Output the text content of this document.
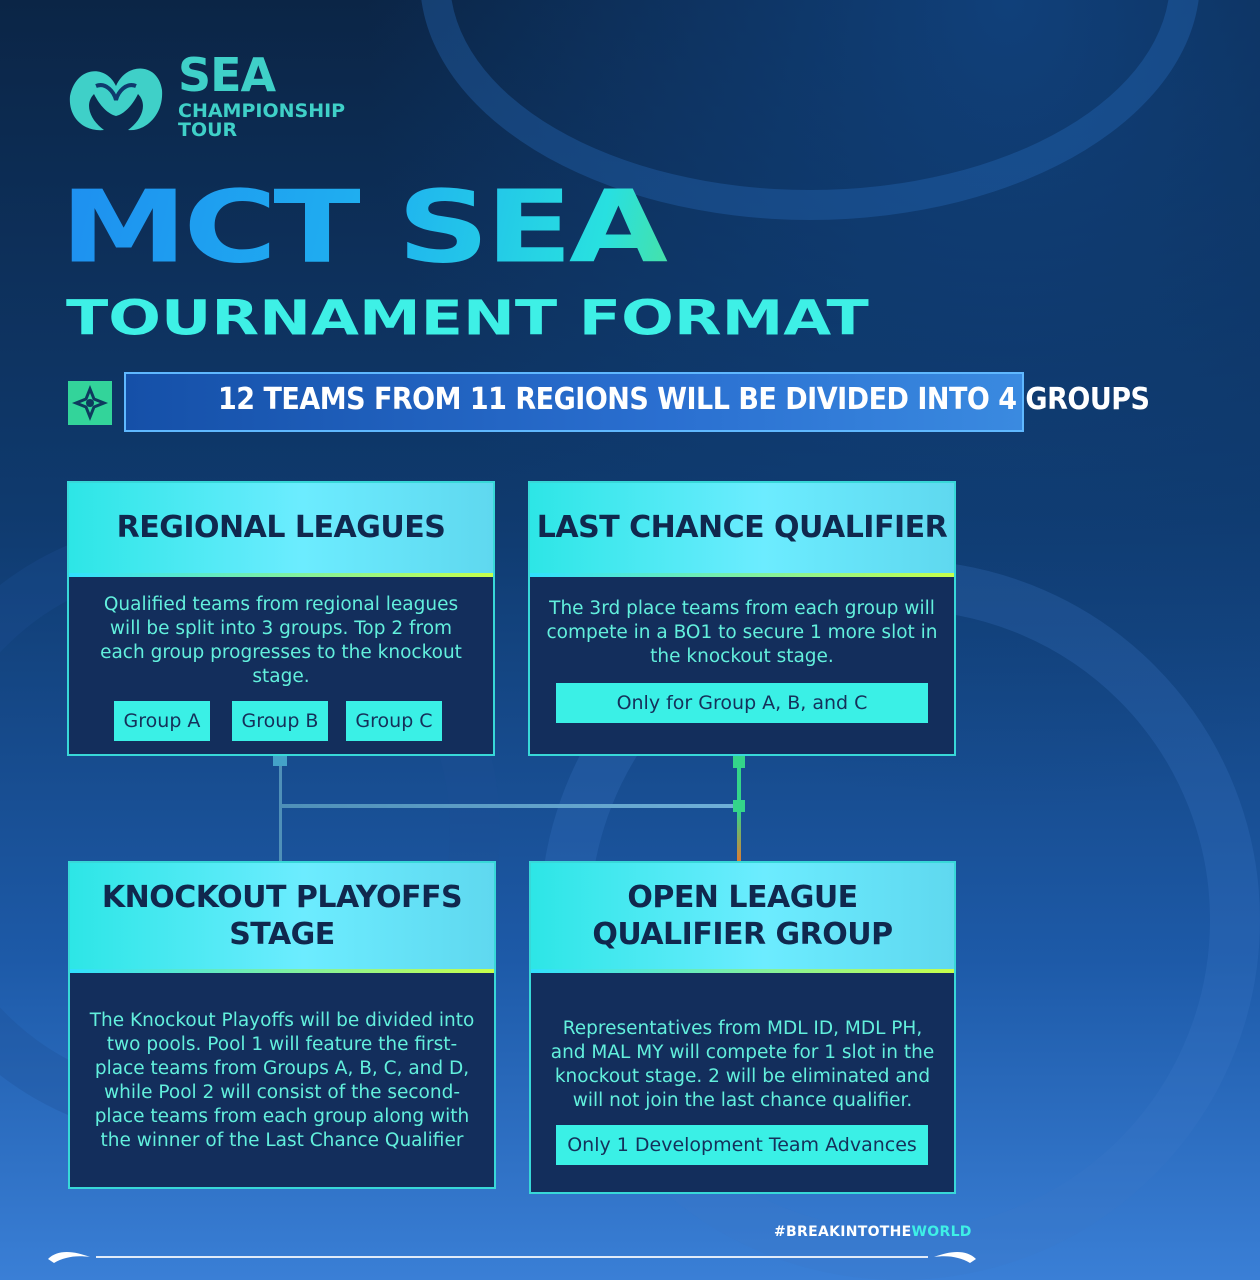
SEA
CHAMPIONSHIP
TOUR
MCT SEA
TOURNAMENT FORMAT
12 TEAMS FROM 11 REGIONS WILL BE DIVIDED INTO 4 GROUPS
REGIONAL LEAGUES
Qualified teams from regional leagues will be split into 3 groups. Top 2 from each group progresses to the knockout stage.
Group A	Group B	Group C
LAST CHANCE QUALIFIER
The 3rd place teams from each group will compete in a BO1 to secure 1 more slot in the knockout stage.
Only for Group A, B, and C
KNOCKOUT PLAYOFFS
STAGE
The Knockout Playoffs will be divided into two pools. Pool 1 will feature the first-place teams from Groups A, B, C, and D, while Pool 2 will consist of the second-place teams from each group along with the winner of the Last Chance Qualifier
OPEN LEAGUE
QUALIFIER GROUP
Representatives from MDL ID, MDL PH, and MAL MY will compete for 1 slot in the knockout stage. 2 will be eliminated and will not join the last chance qualifier.
Only 1 Development Team Advances
#BREAKINTOTHEWORLD
